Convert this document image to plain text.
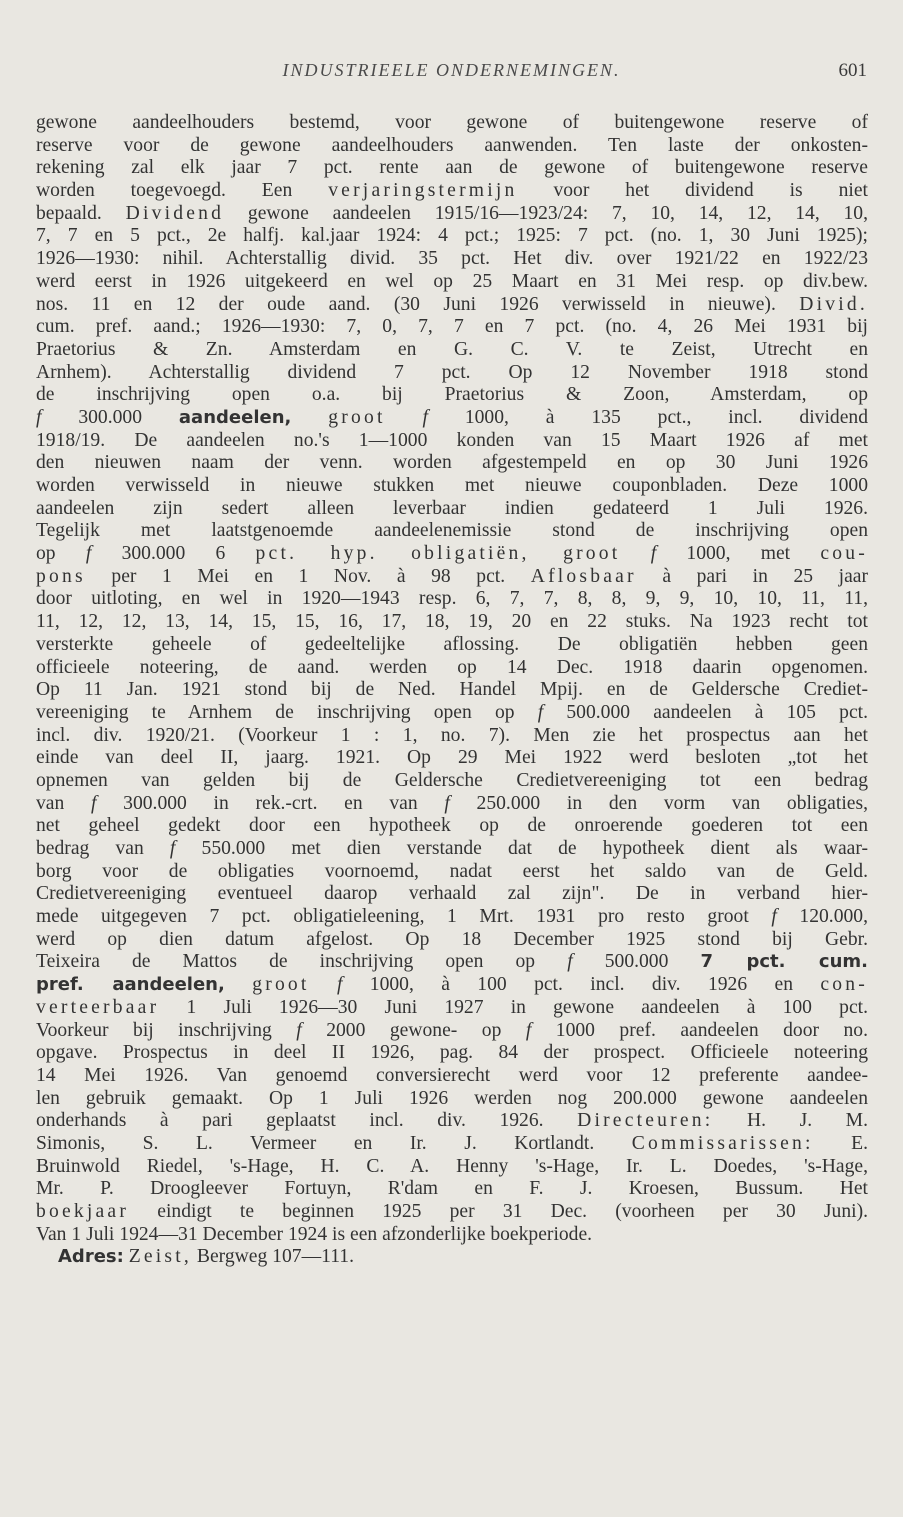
INDUSTRIEELE ONDERNEMINGEN.	601
gewone aandeelhouders bestemd, voor gewone of buitengewone reserve of
reserve voor de gewone aandeelhouders aanwenden. Ten laste der onkosten-
rekening zal elk jaar 7 pct. rente aan de gewone of buitengewone reserve
worden toegevoegd. Een verjaringstermijn voor het dividend is niet
bepaald. Dividend gewone aandeelen 1915/16—1923/24: 7, 10, 14, 12, 14, 10,
7, 7 en 5 pct., 2e halfj. kal.jaar 1924: 4 pct.; 1925: 7 pct. (no. 1, 30 Juni 1925);
1926—1930: nihil. Achterstallig divid. 35 pct. Het div. over 1921/22 en 1922/23
werd eerst in 1926 uitgekeerd en wel op 25 Maart en 31 Mei resp. op div.bew.
nos. 11 en 12 der oude aand. (30 Juni 1926 verwisseld in nieuwe). Divid.
cum. pref. aand.; 1926—1930: 7, 0, 7, 7 en 7 pct. (no. 4, 26 Mei 1931 bij
Praetorius & Zn. Amsterdam en G. C. V. te Zeist, Utrecht en
Arnhem). Achterstallig dividend 7 pct. Op 12 November 1918 stond
de inschrijving open o.a. bij Praetorius & Zoon, Amsterdam, op
f 300.000 aandeelen, groot f 1000, à 135 pct., incl. dividend
1918/19. De aandeelen no.'s 1—1000 konden van 15 Maart 1926 af met
den nieuwen naam der venn. worden afgestempeld en op 30 Juni 1926
worden verwisseld in nieuwe stukken met nieuwe couponbladen. Deze 1000
aandeelen zijn sedert alleen leverbaar indien gedateerd 1 Juli 1926.
Tegelijk met laatstgenoemde aandeelenemissie stond de inschrijving open
op f 300.000 6 pct. hyp. obligatiën, groot f 1000, met cou-
pons per 1 Mei en 1 Nov. à 98 pct. Aflosbaar à pari in 25 jaar
door uitloting, en wel in 1920—1943 resp. 6, 7, 7, 8, 8, 9, 9, 10, 10, 11, 11,
11, 12, 12, 13, 14, 15, 15, 16, 17, 18, 19, 20 en 22 stuks. Na 1923 recht tot
versterkte geheele of gedeeltelijke aflossing. De obligatiën hebben geen
officieele noteering, de aand. werden op 14 Dec. 1918 daarin opgenomen.
Op 11 Jan. 1921 stond bij de Ned. Handel Mpij. en de Geldersche Crediet-
vereeniging te Arnhem de inschrijving open op f 500.000 aandeelen à 105 pct.
incl. div. 1920/21. (Voorkeur 1 : 1, no. 7). Men zie het prospectus aan het
einde van deel II, jaarg. 1921. Op 29 Mei 1922 werd besloten „tot het
opnemen van gelden bij de Geldersche Credietvereeniging tot een bedrag
van f 300.000 in rek.-crt. en van f 250.000 in den vorm van obligaties,
net geheel gedekt door een hypotheek op de onroerende goederen tot een
bedrag van f 550.000 met dien verstande dat de hypotheek dient als waar-
borg voor de obligaties voornoemd, nadat eerst het saldo van de Geld.
Credietvereeniging eventueel daarop verhaald zal zijn". De in verband hier-
mede uitgegeven 7 pct. obligatieleening, 1 Mrt. 1931 pro resto groot f 120.000,
werd op dien datum afgelost. Op 18 December 1925 stond bij Gebr.
Teixeira de Mattos de inschrijving open op f 500.000 7 pct. cum.
pref. aandeelen, groot f 1000, à 100 pct. incl. div. 1926 en con-
verteerbaar 1 Juli 1926—30 Juni 1927 in gewone aandeelen à 100 pct.
Voorkeur bij inschrijving f 2000 gewone- op f 1000 pref. aandeelen door no.
opgave. Prospectus in deel II 1926, pag. 84 der prospect. Officieele noteering
14 Mei 1926. Van genoemd conversierecht werd voor 12 preferente aandee-
len gebruik gemaakt. Op 1 Juli 1926 werden nog 200.000 gewone aandeelen
onderhands à pari geplaatst incl. div. 1926. Directeuren: H. J. M.
Simonis, S. L. Vermeer en Ir. J. Kortlandt. Commissarissen: E.
Bruinwold Riedel, 's-Hage, H. C. A. Henny 's-Hage, Ir. L. Doedes, 's-Hage,
Mr. P. Droogleever Fortuyn, R'dam en F. J. Kroesen, Bussum. Het
boekjaar eindigt te beginnen 1925 per 31 Dec. (voorheen per 30 Juni).
Van 1 Juli 1924—31 December 1924 is een afzonderlijke boekperiode.
Adres: Zeist, Bergweg 107—111.
